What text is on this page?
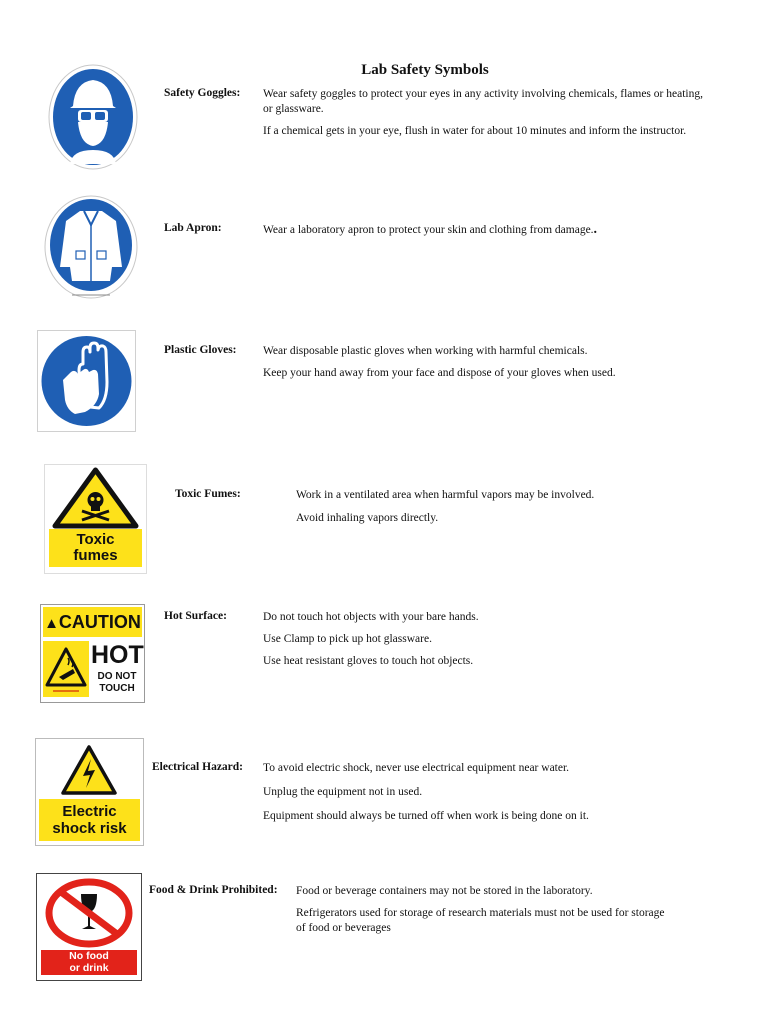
Lab Safety Symbols
Safety Goggles: Wear safety goggles to protect your eyes in any activity involving chemicals, flames or heating, or glassware.
If a chemical gets in your eye, flush in water for about 10 minutes and inform the instructor.
Lab Apron:	Wear a laboratory apron to protect your skin and clothing from damage..
Plastic Gloves: Wear disposable plastic gloves when working with harmful chemicals.
Keep your hand away from your face and dispose of your gloves when used.
Toxic
fumes
Toxic Fumes:	Work in a ventilated area when harmful vapors may be involved.
Avoid inhaling vapors directly.
▲CAUTION
HOT
DO NOT
TOUCH
Hot Surface:	Do not touch hot objects with your bare hands.
Use Clamp to pick up hot glassware.
Use heat resistant gloves to touch hot objects.
Electric
shock risk
Electrical Hazard: To avoid electric shock, never use electrical equipment near water.
Unplug the equipment not in used.
Equipment should always be turned off when work is being done on it.
No food
or drink
Food & Drink Prohibited: Food or beverage containers may not be stored in the laboratory.
Refrigerators used for storage of research materials must not be used for storage of food or beverages
